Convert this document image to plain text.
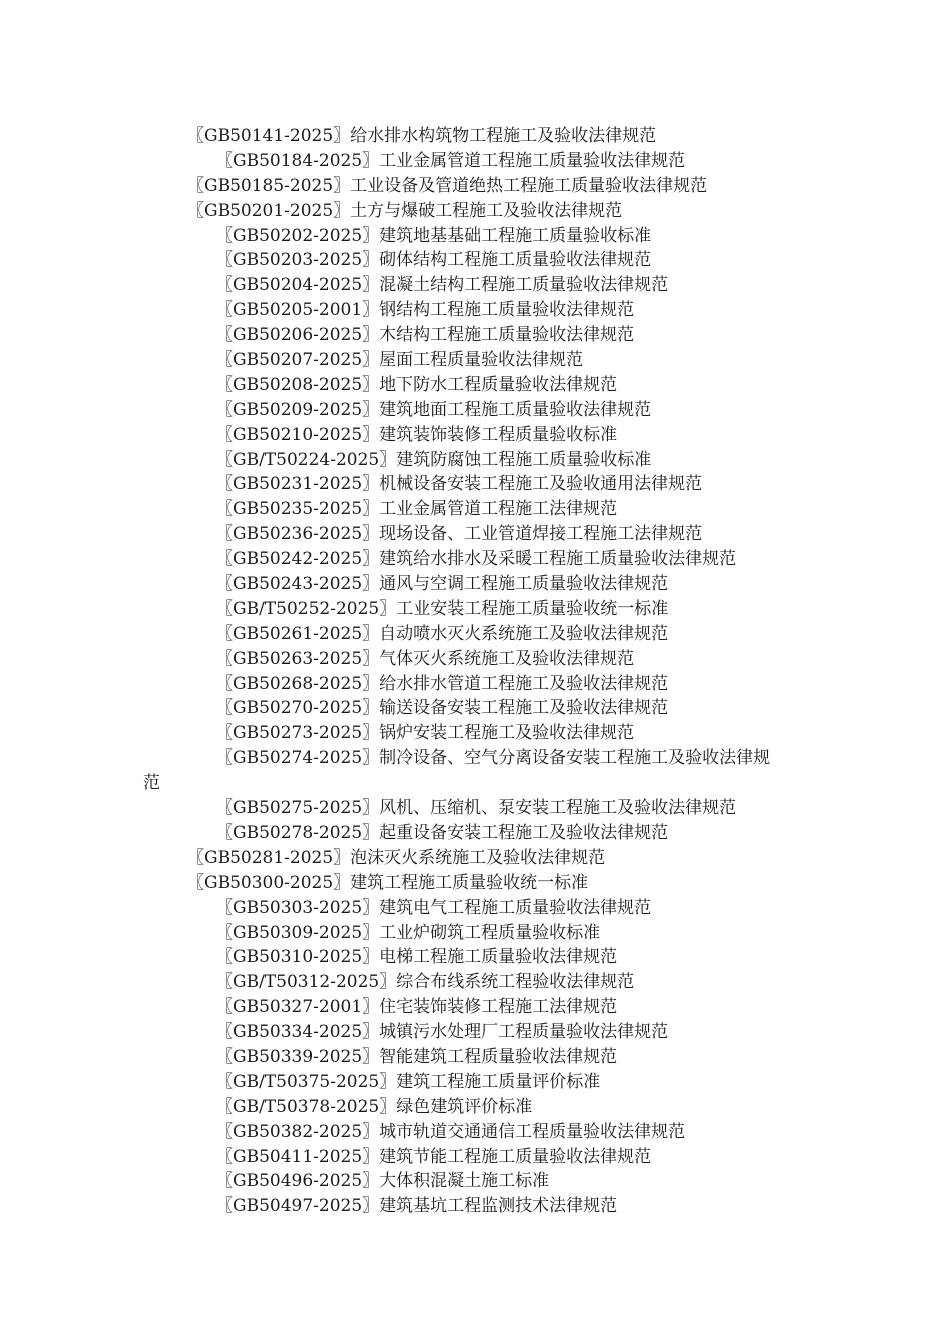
〖GB50141-2025〗给水排水构筑物工程施工及验收法律规范
〖GB50184-2025〗工业金属管道工程施工质量验收法律规范
〖GB50185-2025〗工业设备及管道绝热工程施工质量验收法律规范
〖GB50201-2025〗土方与爆破工程施工及验收法律规范
〖GB50202-2025〗建筑地基基础工程施工质量验收标准
〖GB50203-2025〗砌体结构工程施工质量验收法律规范
〖GB50204-2025〗混凝土结构工程施工质量验收法律规范
〖GB50205-2001〗钢结构工程施工质量验收法律规范
〖GB50206-2025〗木结构工程施工质量验收法律规范
〖GB50207-2025〗屋面工程质量验收法律规范
〖GB50208-2025〗地下防水工程质量验收法律规范
〖GB50209-2025〗建筑地面工程施工质量验收法律规范
〖GB50210-2025〗建筑装饰装修工程质量验收标准
〖GB/T50224-2025〗建筑防腐蚀工程施工质量验收标准
〖GB50231-2025〗机械设备安装工程施工及验收通用法律规范
〖GB50235-2025〗工业金属管道工程施工法律规范
〖GB50236-2025〗现场设备、工业管道焊接工程施工法律规范
〖GB50242-2025〗建筑给水排水及采暖工程施工质量验收法律规范
〖GB50243-2025〗通风与空调工程施工质量验收法律规范
〖GB/T50252-2025〗工业安装工程施工质量验收统一标准
〖GB50261-2025〗自动喷水灭火系统施工及验收法律规范
〖GB50263-2025〗气体灭火系统施工及验收法律规范
〖GB50268-2025〗给水排水管道工程施工及验收法律规范
〖GB50270-2025〗输送设备安装工程施工及验收法律规范
〖GB50273-2025〗锅炉安装工程施工及验收法律规范
〖GB50274-2025〗制冷设备、空气分离设备安装工程施工及验收法律规
范
〖GB50275-2025〗风机、压缩机、泵安装工程施工及验收法律规范
〖GB50278-2025〗起重设备安装工程施工及验收法律规范
〖GB50281-2025〗泡沫灭火系统施工及验收法律规范
〖GB50300-2025〗建筑工程施工质量验收统一标准
〖GB50303-2025〗建筑电气工程施工质量验收法律规范
〖GB50309-2025〗工业炉砌筑工程质量验收标准
〖GB50310-2025〗电梯工程施工质量验收法律规范
〖GB/T50312-2025〗综合布线系统工程验收法律规范
〖GB50327-2001〗住宅装饰装修工程施工法律规范
〖GB50334-2025〗城镇污水处理厂工程质量验收法律规范
〖GB50339-2025〗智能建筑工程质量验收法律规范
〖GB/T50375-2025〗建筑工程施工质量评价标准
〖GB/T50378-2025〗绿色建筑评价标准
〖GB50382-2025〗城市轨道交通通信工程质量验收法律规范
〖GB50411-2025〗建筑节能工程施工质量验收法律规范
〖GB50496-2025〗大体积混凝土施工标准
〖GB50497-2025〗建筑基坑工程监测技术法律规范
